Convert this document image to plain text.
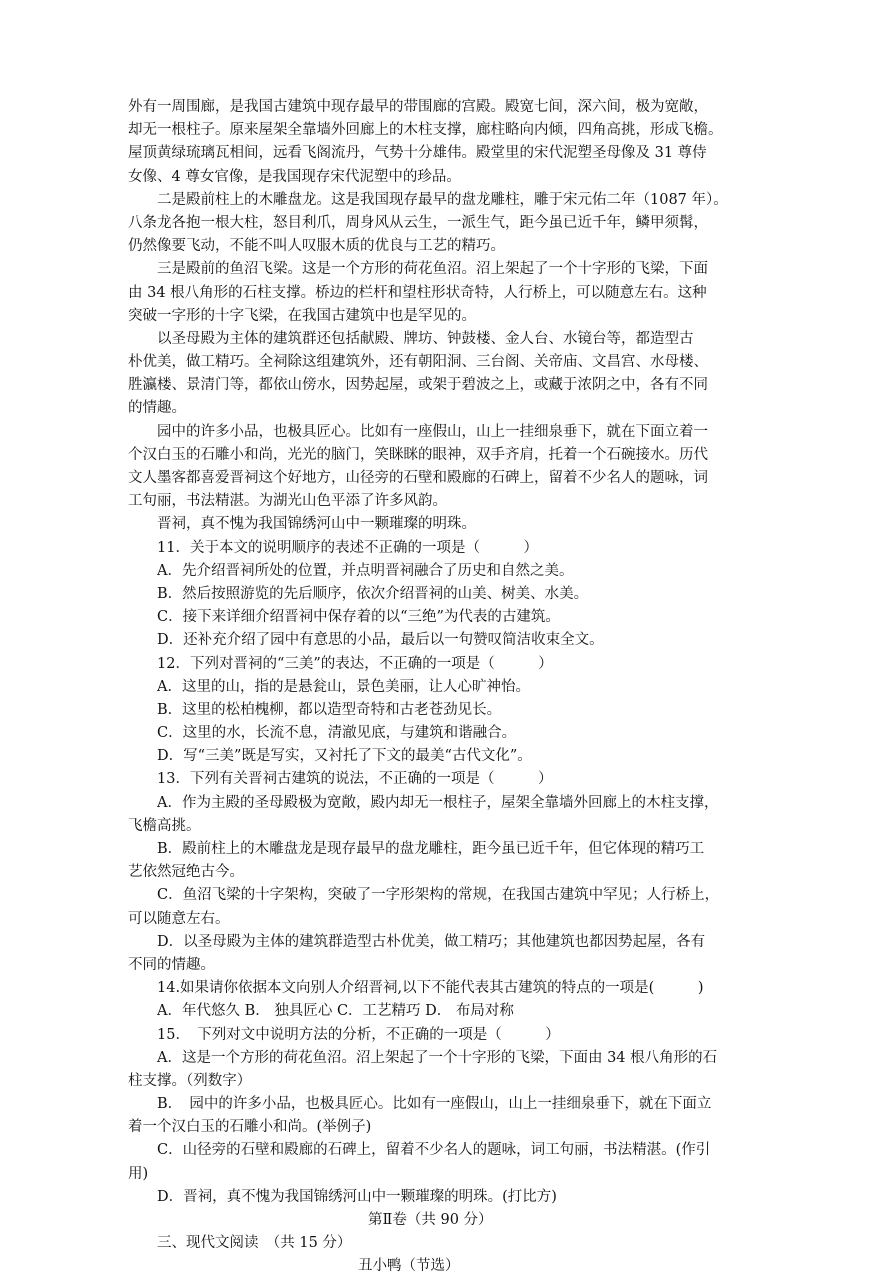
外有一周围廊，是我国古建筑中现存最早的带围廊的宫殿。殿宽七间，深六间，极为宽敞，
却无一根柱子。原来屋架全靠墙外回廊上的木柱支撑，廊柱略向内倾，四角高挑，形成飞檐。
屋顶黄绿琉璃瓦相间，远看飞阁流丹，气势十分雄伟。殿堂里的宋代泥塑圣母像及 31 尊侍
女像、4 尊女官像，是我国现存宋代泥塑中的珍品。
二是殿前柱上的木雕盘龙。这是我国现存最早的盘龙雕柱，雕于宋元佑二年（1087 年）。
八条龙各抱一根大柱，怒目利爪，周身风从云生，一派生气，距今虽已近千年，鳞甲须髯，
仍然像要飞动，不能不叫人叹服木质的优良与工艺的精巧。
三是殿前的鱼沼飞梁。这是一个方形的荷花鱼沼。沼上架起了一个十字形的飞梁，下面
由 34 根八角形的石柱支撑。桥边的栏杆和望柱形状奇特，人行桥上，可以随意左右。这种
突破一字形的十字飞梁，在我国古建筑中也是罕见的。
以圣母殿为主体的建筑群还包括献殿、牌坊、钟鼓楼、金人台、水镜台等，都造型古
朴优美，做工精巧。全祠除这组建筑外，还有朝阳洞、三台阁、关帝庙、文昌宫、水母楼、
胜瀛楼、景清门等，都依山傍水，因势起屋，或架于碧波之上，或藏于浓阴之中，各有不同
的情趣。
园中的许多小品，也极具匠心。比如有一座假山，山上一挂细泉垂下，就在下面立着一
个汉白玉的石雕小和尚，光光的脑门，笑眯眯的眼神，双手齐肩，托着一个石碗接水。历代
文人墨客都喜爱晋祠这个好地方，山径旁的石壁和殿廊的石碑上，留着不少名人的题咏，词
工句丽，书法精湛。为湖光山色平添了许多风韵。
晋祠，真不愧为我国锦绣河山中一颗璀璨的明珠。
11．关于本文的说明顺序的表述不正确的一项是（　　　）
A．先介绍晋祠所处的位置，并点明晋祠融合了历史和自然之美。
B．然后按照游览的先后顺序，依次介绍晋祠的山美、树美、水美。
C．接下来详细介绍晋祠中保存着的以“三绝”为代表的古建筑。
D．还补充介绍了园中有意思的小品，最后以一句赞叹简洁收束全文。
12．下列对晋祠的“三美”的表达，不正确的一项是（　　　）
A．这里的山，指的是悬瓮山，景色美丽，让人心旷神怡。
B．这里的松柏槐柳，都以造型奇特和古老苍劲见长。
C．这里的水，长流不息，清澈见底，与建筑和谐融合。
D．写“三美”既是写实，又衬托了下文的最美“古代文化”。
13．下列有关晋祠古建筑的说法，不正确的一项是（　　　）
A．作为主殿的圣母殿极为宽敞，殿内却无一根柱子，屋架全靠墙外回廊上的木柱支撑，
飞檐高挑。
B．殿前柱上的木雕盘龙是现存最早的盘龙雕柱，距今虽已近千年，但它体现的精巧工
艺依然冠绝古今。
C．鱼沼飞梁的十字架构，突破了一字形架构的常规，在我国古建筑中罕见；人行桥上，
可以随意左右。
D．以圣母殿为主体的建筑群造型古朴优美，做工精巧；其他建筑也都因势起屋，各有
不同的情趣。
14.如果请你依据本文向别人介绍晋祠,以下不能代表其古建筑的特点的一项是(　　　)
A．年代悠久 B． 独具匠心 C．工艺精巧 D． 布局对称
15．　下列对文中说明方法的分析，不正确的一项是（　　　）
A．这是一个方形的荷花鱼沼。沼上架起了一个十字形的飞梁，下面由 34 根八角形的石
柱支撑。（列数字）
B．　园中的许多小品，也极具匠心。比如有一座假山，山上一挂细泉垂下，就在下面立
着一个汉白玉的石雕小和尚。(举例子)
C．山径旁的石壁和殿廊的石碑上，留着不少名人的题咏，词工句丽，书法精湛。(作引
用)
D．晋祠，真不愧为我国锦绣河山中一颗璀璨的明珠。(打比方)
第Ⅱ卷（共 90 分）
三、现代文阅读　（共 15 分）
丑小鸭（节选）
